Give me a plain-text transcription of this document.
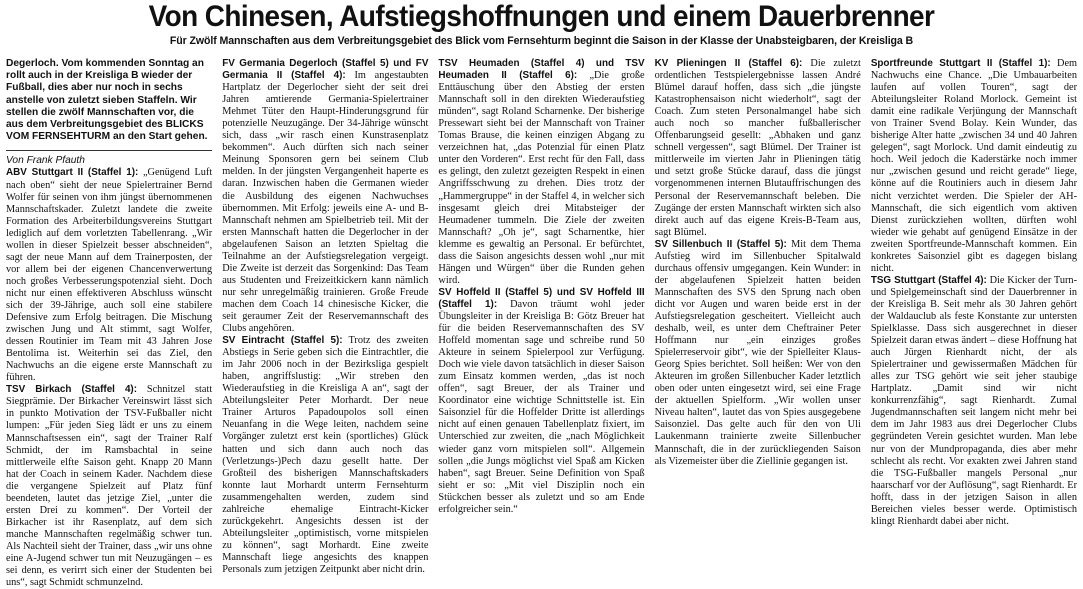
Von Chinesen, Aufstiegshoffnungen und einem Dauerbrenner
Für Zwölf Mannschaften aus dem Verbreitungsgebiet des Blick vom Fernsehturm beginnt die Saison in der Klasse der Unabsteigbaren, der Kreisliga B

Degerloch. Vom kommenden Sonntag an rollt auch in der Kreisliga B wieder der Fußball, dies aber nur noch in sechs anstelle von zuletzt sieben Staffeln. Wir stellen die zwölf Mannschaften vor, die aus dem Verbreitungsgebiet des BLICKS VOM FERNSEHTURM an den Start gehen.

Von Frank Pfauth

ABV Stuttgart II (Staffel 1): „Genügend Luft nach oben“ sieht der neue Spielertrainer Bernd Wolfer für seinen von ihm jüngst übernommenen Mannschaftskader. Zuletzt landete die zweite Formation des Arbeiterbildungsvereins Stuttgart lediglich auf dem vorletzten Tabellenrang. „Wir wollen in dieser Spielzeit besser abschneiden“, sagt der neue Mann auf dem Trainerposten, der vor allem bei der eigenen Chancenverwertung noch großes Verbesserungspotenzial sieht. Doch nicht nur einen effektiveren Abschluss wünscht sich der 39-Jährige, auch soll eine stabilere Defensive zum Erfolg beitragen. Die Mischung zwischen Jung und Alt stimmt, sagt Wolfer, dessen Routinier im Team mit 43 Jahren Jose Bentolima ist. Weiterhin sei das Ziel, den Nachwuchs an die eigene erste Mannschaft zu führen.

TSV Birkach (Staffel 4): Schnitzel statt Siegprämie. Der Birkacher Vereinswirt lässt sich in punkto Motivation der TSV-Fußballer nicht lumpen: „Für jeden Sieg lädt er uns zu einem Mannschaftsessen ein“, sagt der Trainer Ralf Schmidt, der im Ramsbachtal in seine mittlerweile elfte Saison geht. Knapp 20 Mann hat der Coach in seinem Kader. Nachdem diese die vergangene Spielzeit auf Platz fünf beendeten, lautet das jetzige Ziel, „unter die ersten Drei zu kommen“. Der Vorteil der Birkacher ist ihr Rasenplatz, auf dem sich manche Mannschaften regelmäßig schwer tun. Als Nachteil sieht der Trainer, dass „wir uns ohne eine A-Jugend schwer tun mit Neuzugängen – es sei denn, es verirrt sich einer der Studenten bei uns“, sagt Schmidt schmunzelnd.

FV Germania Degerloch (Staffel 5) und FV Germania II (Staffel 4): Im angestaubten Hartplatz der Degerlocher sieht der seit drei Jahren amtierende Germania-Spielertrainer Mehmet Tüter den Haupt-Hinderungsgrund für potenzielle Neuzugänge. Der 34-Jährige wünscht sich, dass „wir rasch einen Kunstrasenplatz bekommen“. Auch dürften sich nach seiner Meinung Sponsoren gern bei seinem Club melden. In der jüngsten Vergangenheit haperte es daran. Inzwischen haben die Germanen wieder die Ausbildung des eigenen Nachwuchses übernommen. Mit Erfolg: jeweils eine A- und B-Mannschaft nehmen am Spielbetrieb teil. Mit der ersten Mannschaft hatten die Degerlocher in der abgelaufenen Saison an letzten Spieltag die Teilnahme an der Aufstiegsrelegation vergeigt. Die Zweite ist derzeit das Sorgenkind: Das Team aus Studenten und Freizeitkickern kann nämlich nur sehr unregelmäßig trainieren. Große Freude machen dem Coach 14 chinesische Kicker, die seit geraumer Zeit der Reservemannschaft des Clubs angehören.

SV Eintracht (Staffel 5): Trotz des zweiten Abstiegs in Serie geben sich die Eintrachtler, die im Jahr 2006 noch in der Bezirksliga gespielt haben, angriffslustig: „Wir streben den Wiederaufstieg in die Kreisliga A an“, sagt der Abteilungsleiter Peter Morhardt. Der neue Trainer Arturos Papadoupolos soll einen Neuanfang in die Wege leiten, nachdem seine Vorgänger zuletzt erst kein (sportliches) Glück hatten und sich dann auch noch das (Verletzungs-)Pech dazu gesellt hatte. Der Großteil des bisherigen Mannschaftskaders konnte laut Morhardt unterm Fernsehturm zusammengehalten werden, zudem sind zahlreiche ehemalige Eintracht-Kicker zurückgekehrt. Angesichts dessen ist der Abteilungsleiter „optimistisch, vorne mitspielen zu können“, sagt Morhardt. Eine zweite Mannschaft liege angesichts des knappen Personals zum jetzigen Zeitpunkt aber nicht drin.

TSV Heumaden (Staffel 4) und TSV Heumaden II (Staffel 6): „Die große Enttäuschung über den Abstieg der ersten Mannschaft soll in den direkten Wiederaufstieg münden“, sagt Roland Scharnenke. Der bisherige Pressewart sieht bei der Mannschaft von Trainer Tomas Brause, die keinen einzigen Abgang zu verzeichnen hat, „das Potenzial für einen Platz unter den Vorderen“. Erst recht für den Fall, dass es gelingt, den zuletzt gezeigten Respekt in einen Angriffsschwung zu drehen. Dies trotz der „Hammergruppe“ in der Staffel 4, in welcher sich insgesamt gleich drei Mitabsteiger der Heumadener tummeln. Die Ziele der zweiten Mannschaft? „Oh je“, sagt Scharnentke, hier klemme es gewaltig an Personal. Er befürchtet, dass die Saison angesichts dessen wohl „nur mit Hängen und Würgen“ über die Runden gehen wird.

SV Hoffeld II (Staffel 5) und SV Hoffeld III (Staffel 1): Davon träumt wohl jeder Übungsleiter in der Kreisliga B: Götz Breuer hat für die beiden Reservemannschaften des SV Hoffeld momentan sage und schreibe rund 50 Akteure in seinem Spielerpool zur Verfügung. Doch wie viele davon tatsächlich in dieser Saison zum Einsatz kommen werden, „das ist noch offen“, sagt Breuer, der als Trainer und Koordinator eine wichtige Schnittstelle ist. Ein Saisonziel für die Hoffelder Dritte ist allerdings nicht auf einen genauen Tabellenplatz fixiert, im Unterschied zur zweiten, die „nach Möglichkeit wieder ganz vorn mitspielen soll“. Allgemein sollen „die Jungs möglichst viel Spaß am Kicken haben“, sagt Breuer. Seine Definition von Spaß sieht er so: „Mit viel Disziplin noch ein Stückchen besser als zuletzt und so am Ende erfolgreicher sein.“

KV Plieningen II (Staffel 6): Die zuletzt ordentlichen Testspielergebnisse lassen André Blümel darauf hoffen, dass sich „die jüngste Katastrophensaison nicht wiederholt“, sagt der Coach. Zum steten Personalmangel habe sich auch noch so mancher fußballerischer Offenbarungseid gesellt: „Abhaken und ganz schnell vergessen“, sagt Blümel. Der Trainer ist mittlerweile im vierten Jahr in Plieningen tätig und setzt große Stücke darauf, dass die jüngst vorgenommenen internen Blutauffrischungen des Personal der Reservemannschaft beleben. Die Zugänge der ersten Mannschaft wirkten sich also direkt auch auf das eigene Kreis-B-Team aus, sagt Blümel.

SV Sillenbuch II (Staffel 5): Mit dem Thema Aufstieg wird im Sillenbucher Spitalwald durchaus offensiv umgegangen. Kein Wunder: in der abgelaufenen Spielzeit hatten beiden Mannschaften des SVS den Sprung nach oben dicht vor Augen und waren beide erst in der Aufstiegsrelegation gescheitert. Vielleicht auch deshalb, weil, es unter dem Cheftrainer Peter Hoffmann nur „ein einziges großes Spielerreservoir gibt“, wie der Spielleiter Klaus-Georg Spies berichtet. Soll heißen: Wer von den Akteuren im großen Sillenbucher Kader letztlich oben oder unten eingesetzt wird, sei eine Frage der aktuellen Spielform. „Wir wollen unser Niveau halten“, lautet das von Spies ausgegebene Saisonziel. Das gelte auch für den von Uli Laukenmann trainierte zweite Sillenbucher Mannschaft, die in der zurückliegenden Saison als Vizemeister über die Ziellinie gegangen ist.

Sportfreunde Stuttgart II (Staffel 1): Dem Nachwuchs eine Chance. „Die Umbauarbeiten laufen auf vollen Touren“, sagt der Abteilungsleiter Roland Morlock. Gemeint ist damit eine radikale Verjüngung der Mannschaft von Trainer Svend Bolay. Kein Wunder, das bisherige Alter hatte „zwischen 34 und 40 Jahren gelegen“, sagt Morlock. Und damit eindeutig zu hoch. Weil jedoch die Kaderstärke noch immer nur „zwischen gesund und reicht gerade“ liege, könne auf die Routiniers auch in diesem Jahr nicht verzichtet werden. Die Spieler der AH-Mannschaft, die sich eigentlich vom aktiven Dienst zurückziehen wollten, dürften wohl wieder wie gehabt auf genügend Einsätze in der zweiten Sportfreunde-Mannschaft kommen. Ein konkretes Saisonziel gibt es dagegen bislang nicht.

TSG Stuttgart (Staffel 4): Die Kicker der Turn- und Spielgemeinschaft sind der Dauerbrenner in der Kreisliga B. Seit mehr als 30 Jahren gehört der Waldauclub als feste Konstante zur untersten Spielklasse. Dass sich ausgerechnet in dieser Spielzeit daran etwas ändert – diese Hoffnung hat auch Jürgen Rienhardt nicht, der als Spielertrainer und gewissermaßen Mädchen für alles zur TSG gehört wie seit jeher staubige Hartplatz. „Damit sind wir nicht konkurrenzfähig“, sagt Rienhardt. Zumal Jugendmannschaften seit langem nicht mehr bei dem im Jahr 1983 aus drei Degerlocher Clubs gegründeten Verein gesichtet wurden. Man lebe nur von der Mundpropaganda, dies aber mehr schlecht als recht. Vor exakten zwei Jahren stand die TSG-Fußballer mangels Personal „nur haarscharf vor der Auflösung“, sagt Rienhardt. Er hofft, dass in der jetzigen Saison in allen Bereichen vieles besser werde. Optimistisch klingt Rienhardt dabei aber nicht.
